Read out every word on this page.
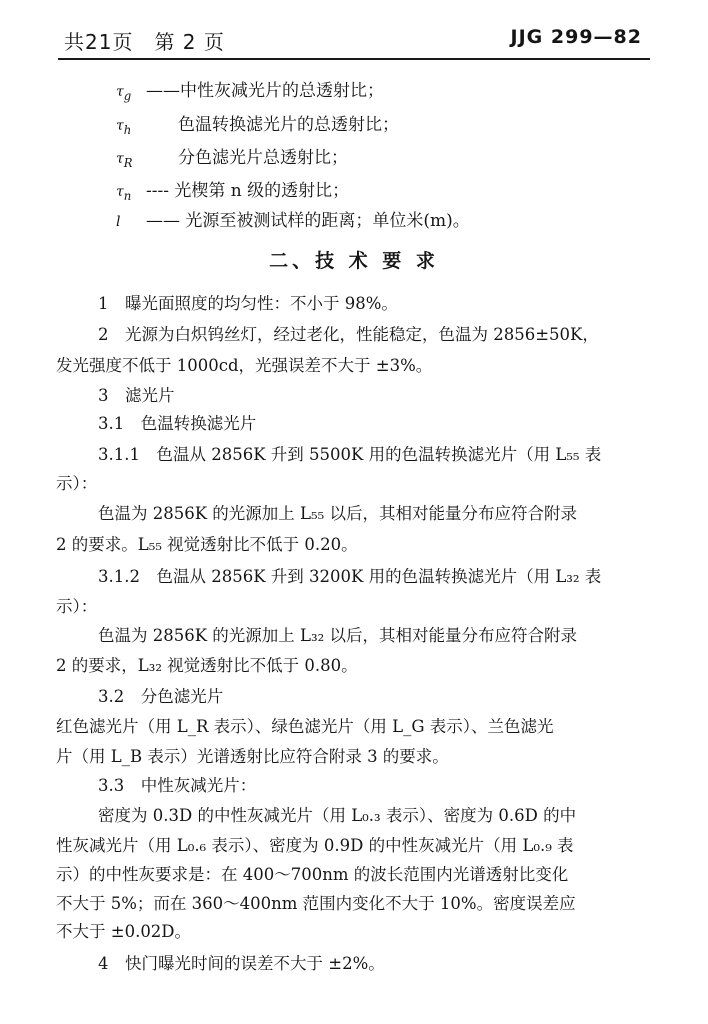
共21页　第 2 页	JJG 299—82
$\tau_g$ ——中性灰减光片的总透射比；
$\tau_h$	色温转换滤光片的总透射比；
$\tau_R$	分色滤光片总透射比；
$\tau_n$ ---- 光楔第 n 级的透射比；
l —— 光源至被测试样的距离；单位米(m)。
二、技 术 要 求
1　曝光面照度的均匀性：不小于 98%。
2　光源为白炽钨丝灯，经过老化，性能稳定，色温为 2856±50K，
发光强度不低于 1000cd，光强误差不大于 ±3%。
3　滤光片
3.1　色温转换滤光片
3.1.1　色温从 2856K 升到 5500K 用的色温转换滤光片（用 L₅₅ 表
示）：
色温为 2856K 的光源加上 L₅₅ 以后，其相对能量分布应符合附录
2 的要求。L₅₅ 视觉透射比不低于 0.20。
3.1.2　色温从 2856K 升到 3200K 用的色温转换滤光片（用 L₃₂ 表
示）：
色温为 2856K 的光源加上 L₃₂ 以后，其相对能量分布应符合附录
2 的要求，L₃₂ 视觉透射比不低于 0.80。
3.2　分色滤光片
红色滤光片（用 L_R 表示）、绿色滤光片（用 L_G 表示）、兰色滤光
片（用 L_B 表示）光谱透射比应符合附录 3 的要求。
3.3　中性灰减光片：
密度为 0.3D 的中性灰减光片（用 L₀.₃ 表示）、密度为 0.6D 的中
性灰减光片（用 L₀.₆ 表示）、密度为 0.9D 的中性灰减光片（用 L₀.₉ 表
示）的中性灰要求是：在 400～700nm 的波长范围内光谱透射比变化
不大于 5%；而在 360～400nm 范围内变化不大于 10%。密度误差应
不大于 ±0.02D。
4　快门曝光时间的误差不大于 ±2%。
